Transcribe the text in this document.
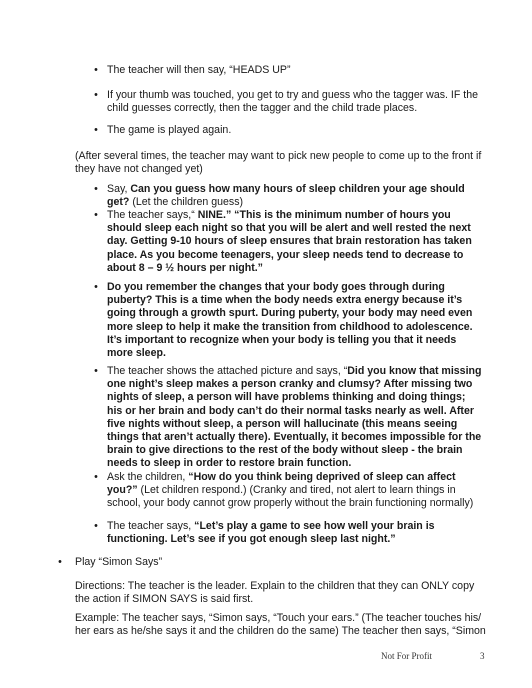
• The teacher will then say, “HEADS UP”
• If your thumb was touched, you get to try and guess who the tagger was. IF the child guesses correctly, then the tagger and the child trade places.
• The game is played again.
(After several times, the teacher may want to pick new people to come up to the front if they have not changed yet)
• Say, Can you guess how many hours of sleep children your age should get? (Let the children guess)
• The teacher says,“ NINE.” “This is the minimum number of hours you should sleep each night so that you will be alert and well rested the next day. Getting 9-10 hours of sleep ensures that brain restoration has taken place. As you become teenagers, your sleep needs tend to decrease to about 8 – 9 ½ hours per night.”
• Do you remember the changes that your body goes through during puberty? This is a time when the body needs extra energy because it’s going through a growth spurt. During puberty, your body may need even more sleep to help it make the transition from childhood to adolescence. It’s important to recognize when your body is telling you that it needs more sleep.
• The teacher shows the attached picture and says, “Did you know that missing one night’s sleep makes a person cranky and clumsy? After missing two nights of sleep, a person will have problems thinking and doing things; his or her brain and body can’t do their normal tasks nearly as well. After five nights without sleep, a person will hallucinate (this means seeing things that aren’t actually there). Eventually, it becomes impossible for the brain to give directions to the rest of the body without sleep - the brain needs to sleep in order to restore brain function.
• Ask the children, “How do you think being deprived of sleep can affect you?” (Let children respond.) (Cranky and tired, not alert to learn things in school, your body cannot grow properly without the brain functioning normally)
• The teacher says, “Let’s play a game to see how well your brain is functioning. Let’s see if you got enough sleep last night.”
• Play “Simon Says”
Directions: The teacher is the leader. Explain to the children that they can ONLY copy the action if SIMON SAYS is said first.
Example: The teacher says, “Simon says, “Touch your ears.” (The teacher touches his/ her ears as he/she says it and the children do the same) The teacher then says, “Simon
Not For Profit	3
